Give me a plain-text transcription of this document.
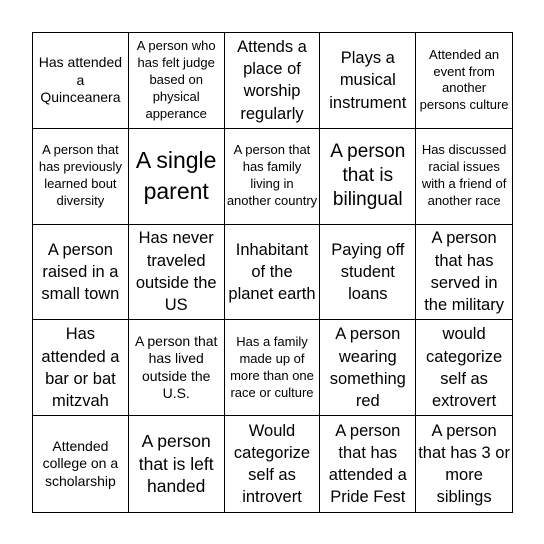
Has attended a Quinceanera
A person who has felt judge based on physical apperance
Attends a place of worship regularly
Plays a musical instrument
Attended an event from another persons culture
A person that has previously learned bout diversity
A single parent
A person that has family living in another country
A person that is bilingual
Has discussed racial issues with a friend of another race
A person raised in a small town
Has never traveled outside the US
Inhabitant of the planet earth
Paying off student loans
A person that has served in the military
Has attended a bar or bat mitzvah
A person that has lived outside the U.S.
Has a family made up of more than one race or culture
A person wearing something red
would categorize self as extrovert
Attended college on a scholarship
A person that is left handed
Would categorize self as introvert
A person that has attended a Pride Fest
A person that has 3 or more siblings
